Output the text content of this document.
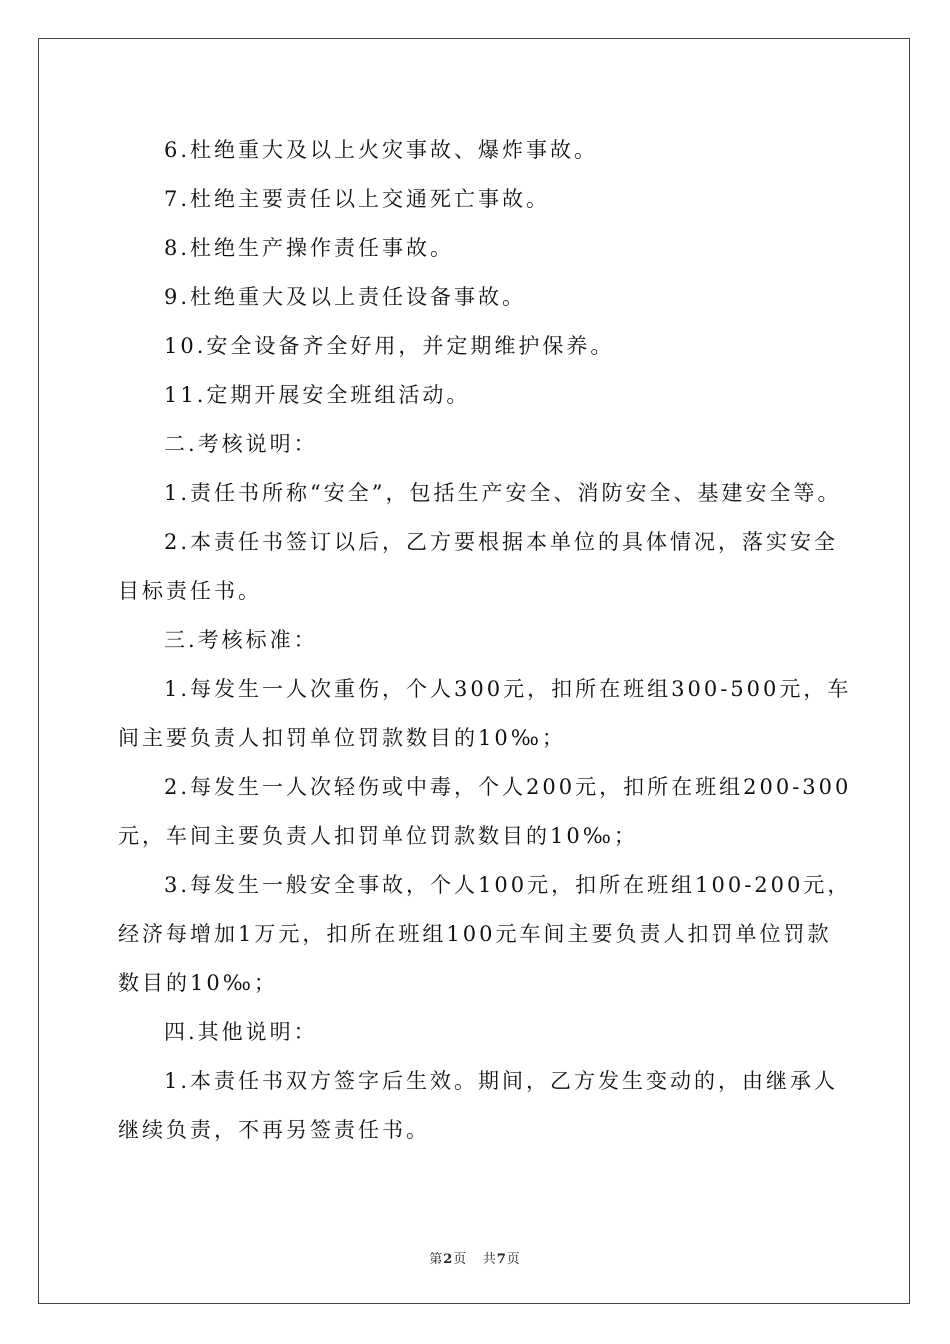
6.杜绝重大及以上火灾事故、爆炸事故。
7.杜绝主要责任以上交通死亡事故。
8.杜绝生产操作责任事故。
9.杜绝重大及以上责任设备事故。
10.安全设备齐全好用，并定期维护保养。
11.定期开展安全班组活动。
二.考核说明：
1.责任书所称“安全”，包括生产安全、消防安全、基建安全等。
2.本责任书签订以后，乙方要根据本单位的具体情况，落实安全
目标责任书。
三.考核标准：
1.每发生一人次重伤，个人300元，扣所在班组300-500元，车
间主要负责人扣罚单位罚款数目的10‰；
2.每发生一人次轻伤或中毒，个人200元，扣所在班组200-300
元，车间主要负责人扣罚单位罚款数目的10‰；
3.每发生一般安全事故，个人100元，扣所在班组100-200元，
经济每增加1万元，扣所在班组100元车间主要负责人扣罚单位罚款
数目的10‰；
四.其他说明：
1.本责任书双方签字后生效。期间，乙方发生变动的，由继承人
继续负责，不再另签责任书。
第2页 共7页
